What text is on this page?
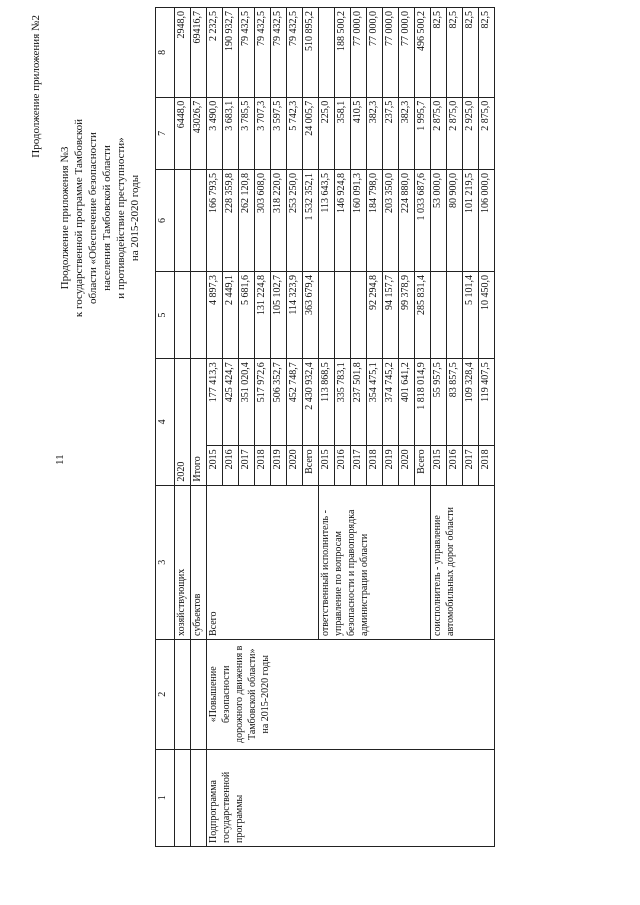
11
Продолжение приложения №2
Продолжение приложения №3 к государственной программе Тамбовской области «Обеспечение безопасности населения Тамбовской области и противодействие преступности» на 2015-2020 годы
1	2	3	4		5	6	7	8
		хозяйствующих	2020				6448,0	2948,0
		субъектов	Итого				43026,7	69416,7
Подпрограмма государственной программы	«Повышение безопасности дорожного движения в Тамбовской области» на 2015-2020 годы	Всего	2015	177 413,3	4 897,3	166 793,5	3 490,0	2 232,5
			2016	425 424,7	2 449,1	228 359,8	3 683,1	190 932,7
			2017	351 020,4	5 681,6	262 120,8	3 785,5	79 432,5
			2018	517 972,6	131 224,8	303 608,0	3 707,3	79 432,5
			2019	506 352,7	105 102,7	318 220,0	3 597,5	79 432,5
			2020	452 748,7	114 323,9	253 250,0	5 742,3	79 432,5
			Всего	2 430 932,4	363 679,4	1 532 352,1	24 005,7	510 895,2
		ответственный исполнитель - управление по вопросам безопасности и правопорядка администрации области	2015	113 868,5		113 643,5	225,0	
			2016	335 783,1		146 924,8	358,1	188 500,2
			2017	237 501,8		160 091,3	410,5	77 000,0
			2018	354 475,1	92 294,8	184 798,0	382,3	77 000,0
			2019	374 745,2	94 157,7	203 350,0	237,5	77 000,0
			2020	401 641,2	99 378,9	224 880,0	382,3	77 000,0
			Всего	1 818 014,9	285 831,4	1 033 687,6	1 995,7	496 500,2
		соисполнитель - управление автомобильных дорог области	2015	55 957,5		53 000,0	2 875,0	82,5
			2016	83 857,5		80 900,0	2 875,0	82,5
			2017	109 328,4	5 101,4	101 219,5	2 925,0	82,5
			2018	119 407,5	10 450,0	106 000,0	2 875,0	82,5
